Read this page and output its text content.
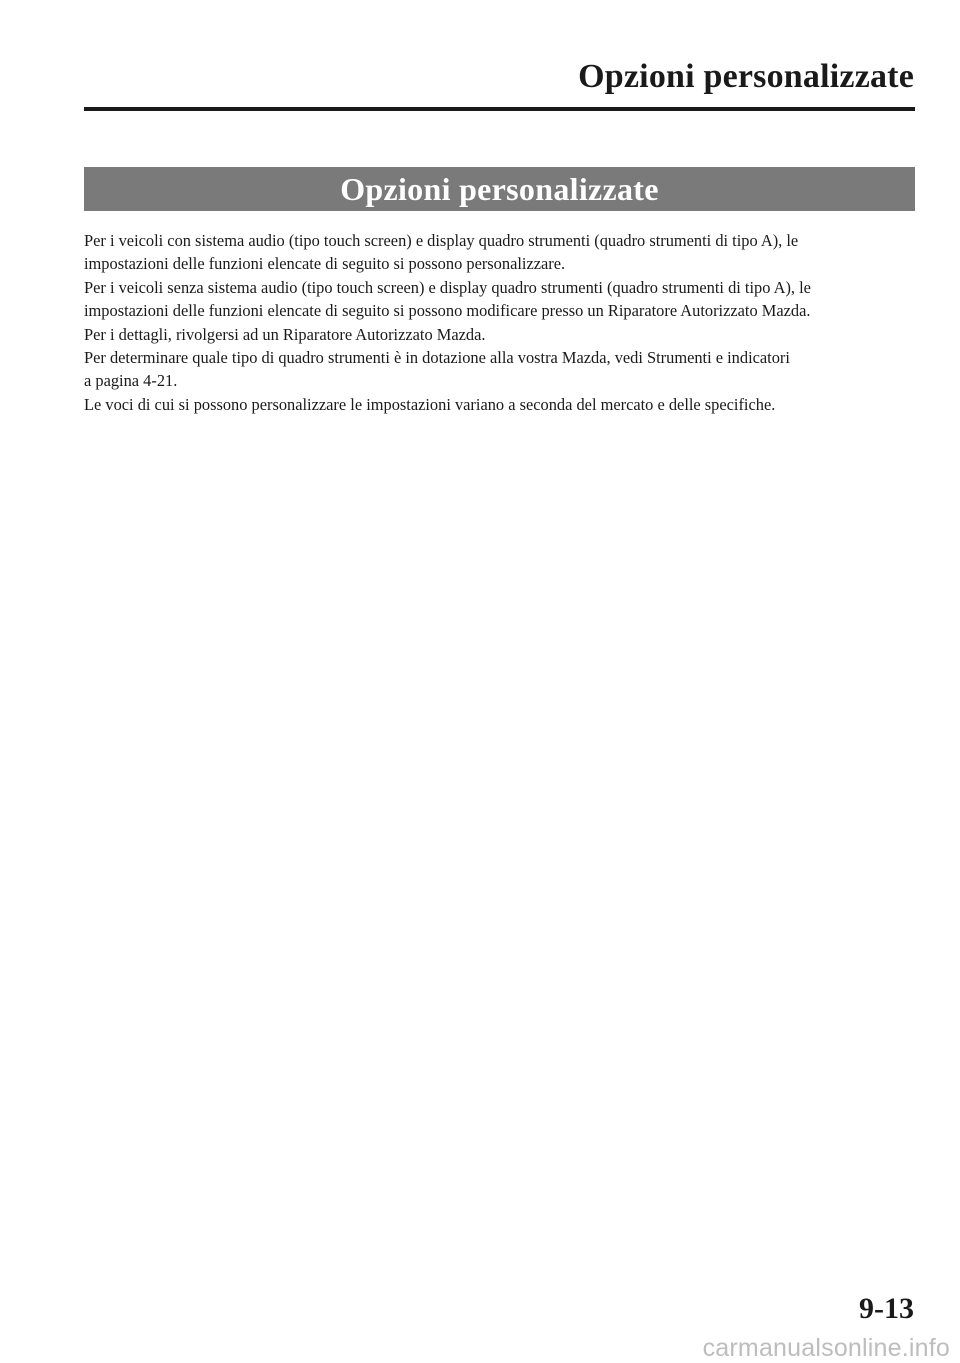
Opzioni personalizzate
Opzioni personalizzate
Per i veicoli con sistema audio (tipo touch screen) e display quadro strumenti (quadro strumenti di tipo A), le
impostazioni delle funzioni elencate di seguito si possono personalizzare.
Per i veicoli senza sistema audio (tipo touch screen) e display quadro strumenti (quadro strumenti di tipo A), le
impostazioni delle funzioni elencate di seguito si possono modificare presso un Riparatore Autorizzato Mazda.
Per i dettagli, rivolgersi ad un Riparatore Autorizzato Mazda.
Per determinare quale tipo di quadro strumenti è in dotazione alla vostra Mazda, vedi Strumenti e indicatori
a pagina 4-21.
Le voci di cui si possono personalizzare le impostazioni variano a seconda del mercato e delle specifiche.
9-13
carmanualsonline.info
